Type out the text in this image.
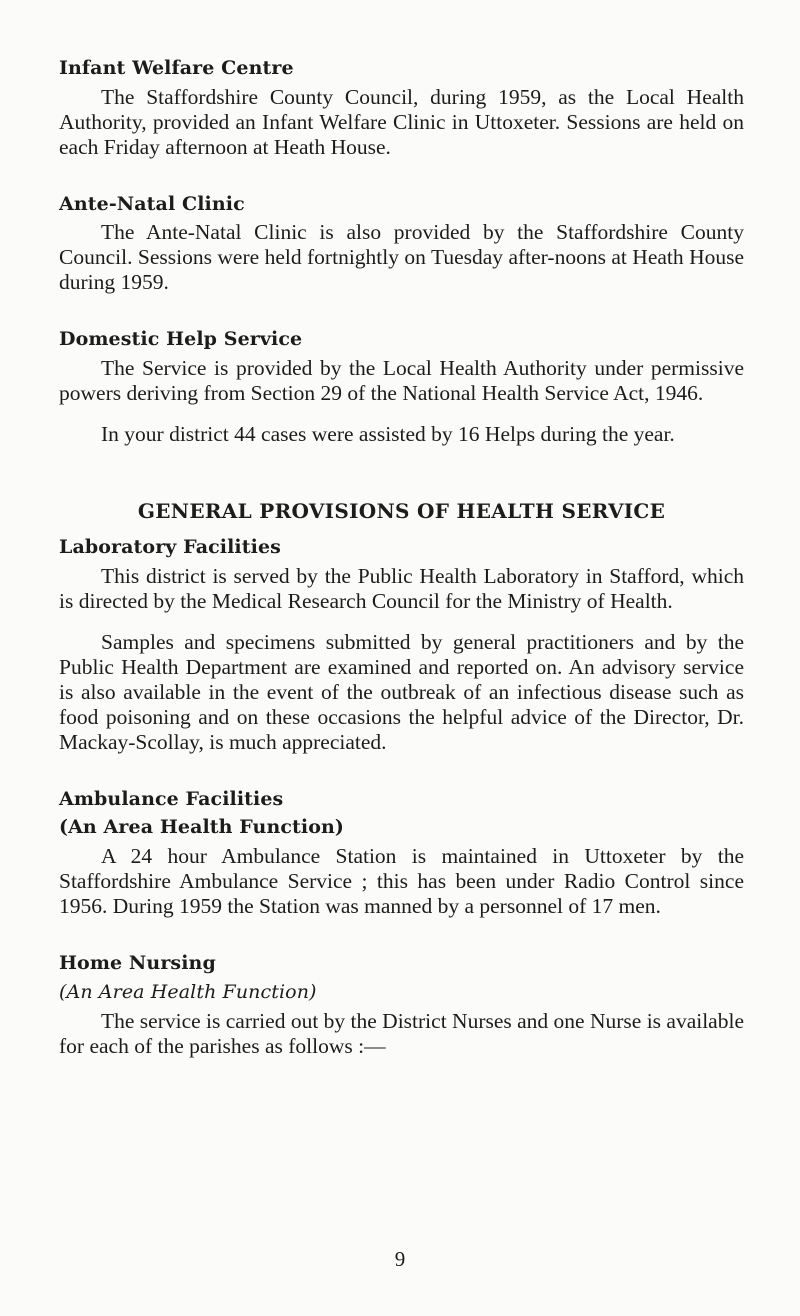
Infant Welfare Centre

The Staffordshire County Council, during 1959, as the Local Health Authority, provided an Infant Welfare Clinic in Uttoxeter. Sessions are held on each Friday afternoon at Heath House.

Ante-Natal Clinic

The Ante-Natal Clinic is also provided by the Staffordshire County Council. Sessions were held fortnightly on Tuesday after-noons at Heath House during 1959.

Domestic Help Service

The Service is provided by the Local Health Authority under permissive powers deriving from Section 29 of the National Health Service Act, 1946.

In your district 44 cases were assisted by 16 Helps during the year.

GENERAL PROVISIONS OF HEALTH SERVICE
Laboratory Facilities

This district is served by the Public Health Laboratory in Stafford, which is directed by the Medical Research Council for the Ministry of Health.

Samples and specimens submitted by general practitioners and by the Public Health Department are examined and reported on. An advisory service is also available in the event of the outbreak of an infectious disease such as food poisoning and on these occasions the helpful advice of the Director, Dr. Mackay-Scollay, is much appreciated.

Ambulance Facilities
(An Area Health Function)

A 24 hour Ambulance Station is maintained in Uttoxeter by the Staffordshire Ambulance Service ; this has been under Radio Control since 1956. During 1959 the Station was manned by a personnel of 17 men.

Home Nursing
(An Area Health Function)

The service is carried out by the District Nurses and one Nurse is available for each of the parishes as follows :—

9
